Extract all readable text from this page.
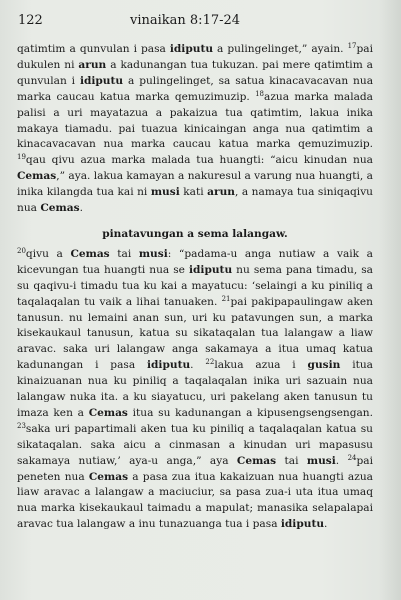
122	vinaikan 8:17-24

qatimtim a qunvulan i pasa idiputu a pulingelinget,” ayain. $^{17}$pai dukulen ni arun a kadunangan tua tukuzan. pai mere qatimtim a qunvulan i idiputu a pulingelinget, sa satua kinacavacavan nua marka caucau katua marka qemuzimuzip. $^{18}$azua marka malada palisi a uri mayatazua a pakaizua tua qatimtim, lakua inika makaya tiamadu. pai tuazua kinicaingan anga nua qatimtim a kinacavacavan nua marka caucau katua marka qemuzimuzip. $^{19}$qau qivu azua marka malada tua huangti: “aicu kinudan nua Cemas,” aya. lakua kamayan a nakuresul a varung nua huangti, a inika kilangda tua kai ni musi kati arun, a namaya tua siniqaqivu nua Cemas.

pinatavungan a sema lalangaw.

$^{20}$qivu a Cemas tai musi: “padama-u anga nutiaw a vaik a kicevungan tua huangti nua se idiputu nu sema pana timadu, sa su qaqivu-i timadu tua ku kai a mayatucu: ‘selaingi a ku piniliq a taqalaqalan tu vaik a lihai tanuaken. $^{21}$pai pakipapaulingaw aken tanusun. nu lemaini anan sun, uri ku patavungen sun, a marka kisekaukaul tanusun, katua su sikataqalan tua lalangaw a liaw aravac. saka uri lalangaw anga sakamaya a itua umaq katua kadunangan i pasa idiputu. $^{22}$lakua azua i gusin itua kinaizuanan nua ku piniliq a taqalaqalan inika uri sazuain nua lalangaw nuka ita. a ku siayatucu, uri pakelang aken tanusun tu imaza ken a Cemas itua su kadunangan a kipusengsengsengan. $^{23}$saka uri papartimali aken tua ku piniliq a taqalaqalan katua su sikataqalan. saka aicu a cinmasan a kinudan uri mapasusu sakamaya nutiaw,’ aya-u anga,” aya Cemas tai musi. $^{24}$pai peneten nua Cemas a pasa zua itua kakaizuan nua huangti azua liaw aravac a lalangaw a maciuciur, sa pasa zua-i uta itua umaq nua marka kisekaukaul taimadu a mapulat; manasika selapalapai aravac tua lalangaw a inu tunazuanga tua i pasa idiputu.
